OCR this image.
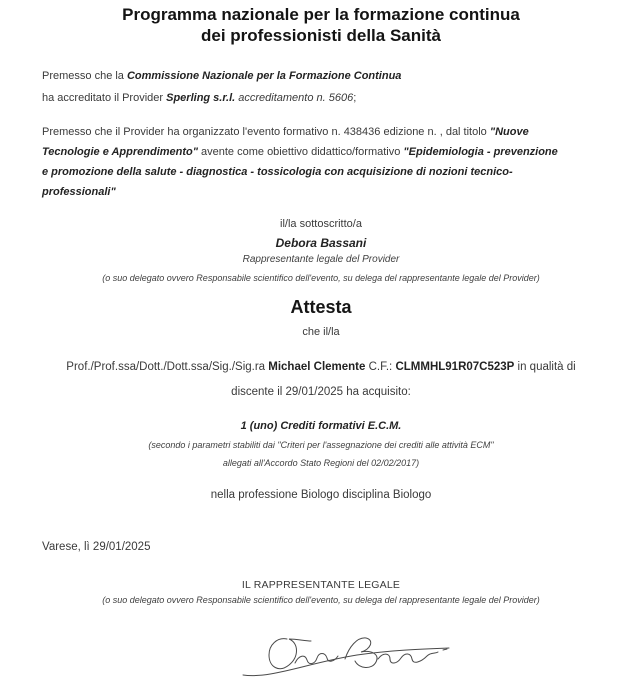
Programma nazionale per la formazione continua
dei professionisti della Sanità

Premesso che la Commissione Nazionale per la Formazione Continua
ha accreditato il Provider Sperling s.r.l. accreditamento n. 5606;

Premesso che il Provider ha organizzato l'evento formativo n. 438436 edizione n. , dal titolo "Nuove
Tecnologie e Apprendimento" avente come obiettivo didattico/formativo "Epidemiologia - prevenzione
e promozione della salute - diagnostica - tossicologia con acquisizione di nozioni tecnico-
professionali"

il/la sottoscritto/a
Debora Bassani
Rappresentante legale del Provider
(o suo delegato ovvero Responsabile scientifico dell'evento, su delega del rappresentante legale del Provider)
Attesta
che il/la

Prof./Prof.ssa/Dott./Dott.ssa/Sig./Sig.ra Michael Clemente C.F.: CLMMHL91R07C523P in qualità di discente il 29/01/2025 ha acquisito:

1 (uno) Crediti formativi E.C.M.
(secondo i parametri stabiliti dai "Criteri per l'assegnazione dei crediti alle attività ECM"
allegati all'Accordo Stato Regioni del 02/02/2017)
nella professione Biologo disciplina Biologo
Varese, lì 29/01/2025
IL RAPPRESENTANTE LEGALE
(o suo delegato ovvero Responsabile scientifico dell'evento, su delega del rappresentante legale del Provider)
